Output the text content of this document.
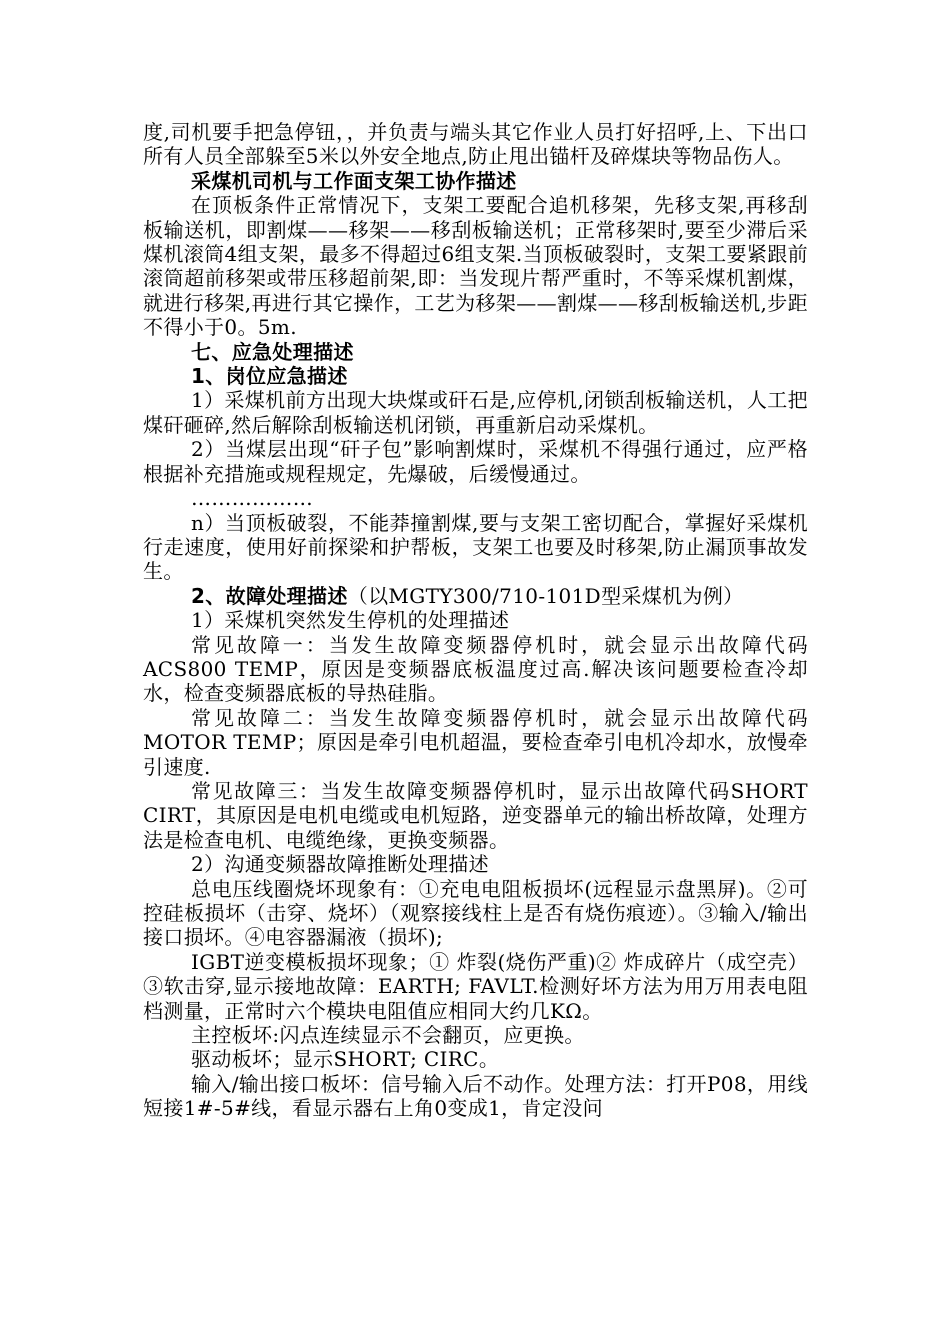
度,司机要手把急停钮，，并负责与端头其它作业人员打好招呼,上、下出口所有人员全部躲至5米以外安全地点,防止甩出锚杆及碎煤块等物品伤人。

采煤机司机与工作面支架工协作描述

在顶板条件正常情况下，支架工要配合追机移架，先移支架,再移刮板输送机，即割煤——移架——移刮板输送机；正常移架时,要至少滞后采煤机滚筒4组支架，最多不得超过6组支架.当顶板破裂时，支架工要紧跟前滚筒超前移架或带压移超前架,即：当发现片帮严重时，不等采煤机割煤，就进行移架,再进行其它操作，工艺为移架——割煤——移刮板输送机,步距不得小于0。5m.

七、应急处理描述

1、岗位应急描述

1）采煤机前方出现大块煤或矸石是,应停机,闭锁刮板输送机，人工把煤矸砸碎,然后解除刮板输送机闭锁，再重新启动采煤机。

2）当煤层出现“矸子包”影响割煤时，采煤机不得强行通过，应严格根据补充措施或规程规定，先爆破，后缓慢通过。

………………

n）当顶板破裂，不能莽撞割煤,要与支架工密切配合，掌握好采煤机行走速度，使用好前探梁和护帮板，支架工也要及时移架,防止漏顶事故发生。

2、故障处理描述（以MGTY300/710-101D型采煤机为例）

1）采煤机突然发生停机的处理描述

常见故障一：当发生故障变频器停机时，就会显示出故障代码ACS800 TEMP，原因是变频器底板温度过高.解决该问题要检查冷却水，检查变频器底板的导热硅脂。

常见故障二：当发生故障变频器停机时，就会显示出故障代码MOTOR TEMP；原因是牵引电机超温，要检查牵引电机冷却水，放慢牵引速度.

常见故障三：当发生故障变频器停机时，显示出故障代码SHORT CIRT，其原因是电机电缆或电机短路，逆变器单元的输出桥故障，处理方法是检查电机、电缆绝缘，更换变频器。

2）沟通变频器故障推断处理描述

总电压线圈烧坏现象有：①充电电阻板损坏(远程显示盘黑屏)。②可控硅板损坏（击穿、烧坏）（观察接线柱上是否有烧伤痕迹）。③输入/输出接口损坏。④电容器漏液（损坏);

IGBT逆变模板损坏现象；① 炸裂(烧伤严重)② 炸成碎片（成空壳）③软击穿,显示接地故障：EARTH; FAVLT.检测好坏方法为用万用表电阻档测量，正常时六个模块电阻值应相同大约几KΩ。

主控板坏:闪点连续显示不会翻页，应更换。

驱动板坏；显示SHORT; CIRC。

输入/输出接口板坏：信号输入后不动作。处理方法：打开P08，用线短接1#-5#线，看显示器右上角0变成1，肯定没问
